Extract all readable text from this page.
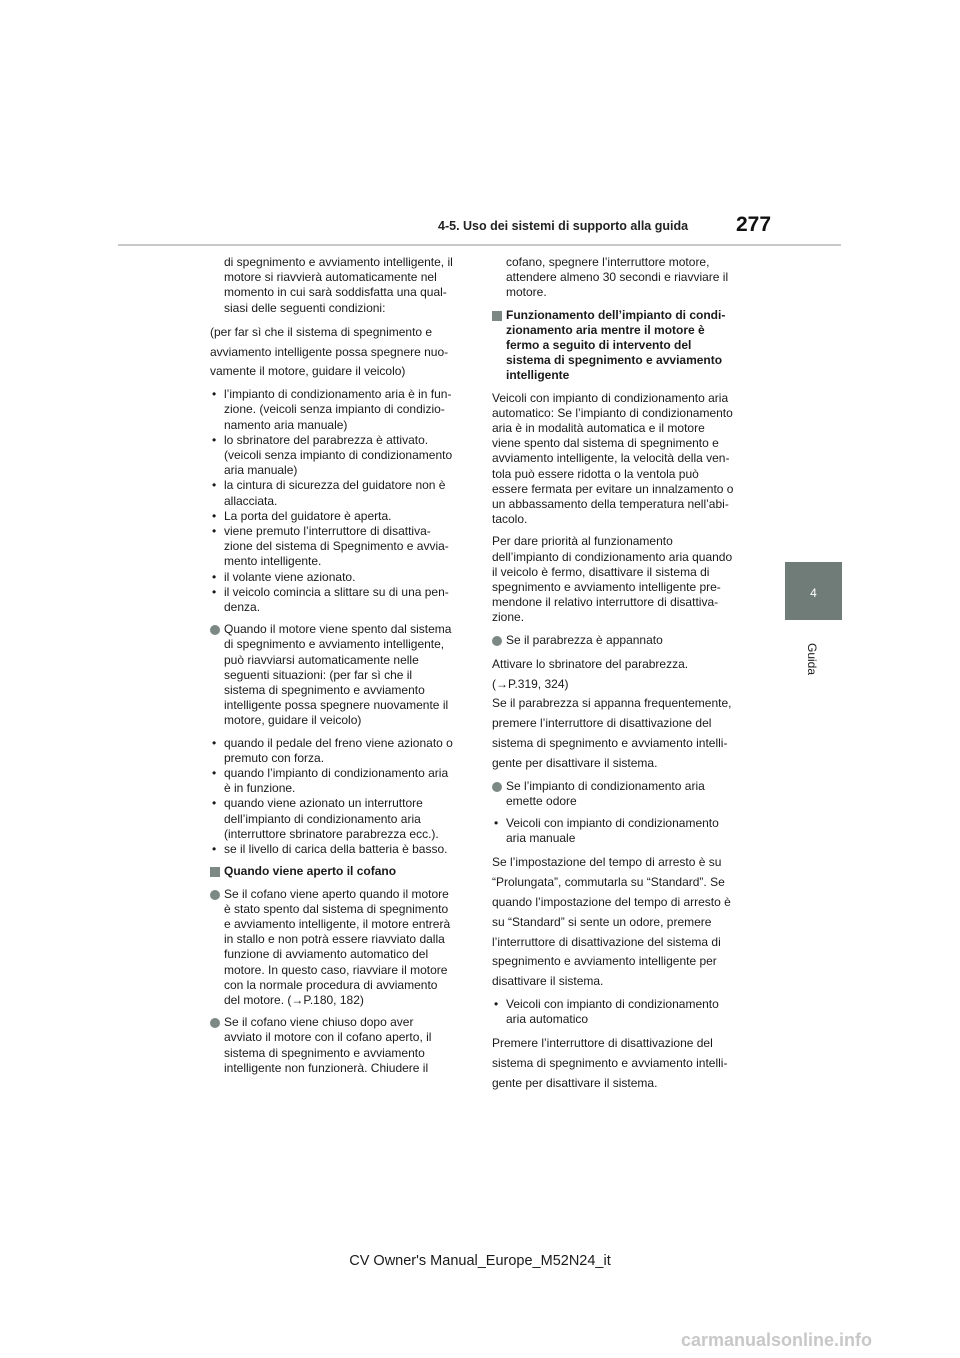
4-5. Uso dei sistemi di supporto alla guida 277
4
Guida
di spegnimento e avviamento intelligente, il
motore si riavvierà automaticamente nel
momento in cui sarà soddisfatta una qual-
siasi delle seguenti condizioni:
(per far sì che il sistema di spegnimento e
avviamento intelligente possa spegnere nuo-
vamente il motore, guidare il veicolo)
• l’impianto di condizionamento aria è in fun-
zione. (veicoli senza impianto di condizio-
namento aria manuale)
• lo sbrinatore del parabrezza è attivato.
(veicoli senza impianto di condizionamento
aria manuale)
• la cintura di sicurezza del guidatore non è
allacciata.
• La porta del guidatore è aperta.
• viene premuto l’interruttore di disattiva-
zione del sistema di Spegnimento e avvia-
mento intelligente.
• il volante viene azionato.
• il veicolo comincia a slittare su di una pen-
denza.
Quando il motore viene spento dal sistema
di spegnimento e avviamento intelligente,
può riavviarsi automaticamente nelle
seguenti situazioni: (per far sì che il
sistema di spegnimento e avviamento
intelligente possa spegnere nuovamente il
motore, guidare il veicolo)
• quando il pedale del freno viene azionato o
premuto con forza.
• quando l’impianto di condizionamento aria
è in funzione.
• quando viene azionato un interruttore
dell’impianto di condizionamento aria
(interruttore sbrinatore parabrezza ecc.).
• se il livello di carica della batteria è basso.
Quando viene aperto il cofano
Se il cofano viene aperto quando il motore
è stato spento dal sistema di spegnimento
e avviamento intelligente, il motore entrerà
in stallo e non potrà essere riavviato dalla
funzione di avviamento automatico del
motore. In questo caso, riavviare il motore
con la normale procedura di avviamento
del motore. (→P.180, 182)
Se il cofano viene chiuso dopo aver
avviato il motore con il cofano aperto, il
sistema di spegnimento e avviamento
intelligente non funzionerà. Chiudere il
cofano, spegnere l’interruttore motore,
attendere almeno 30 secondi e riavviare il
motore.
Funzionamento dell’impianto di condi-
zionamento aria mentre il motore è
fermo a seguito di intervento del
sistema di spegnimento e avviamento
intelligente
Veicoli con impianto di condizionamento aria
automatico: Se l’impianto di condizionamento
aria è in modalità automatica e il motore
viene spento dal sistema di spegnimento e
avviamento intelligente, la velocità della ven-
tola può essere ridotta o la ventola può
essere fermata per evitare un innalzamento o
un abbassamento della temperatura nell’abi-
tacolo.
Per dare priorità al funzionamento
dell’impianto di condizionamento aria quando
il veicolo è fermo, disattivare il sistema di
spegnimento e avviamento intelligente pre-
mendone il relativo interruttore di disattiva-
zione.
Se il parabrezza è appannato
Attivare lo sbrinatore del parabrezza.
(→P.319, 324)
Se il parabrezza si appanna frequentemente,
premere l’interruttore di disattivazione del
sistema di spegnimento e avviamento intelli-
gente per disattivare il sistema.
Se l’impianto di condizionamento aria
emette odore
• Veicoli con impianto di condizionamento
aria manuale
Se l’impostazione del tempo di arresto è su
“Prolungata”, commutarla su “Standard”. Se
quando l’impostazione del tempo di arresto è
su “Standard” si sente un odore, premere
l’interruttore di disattivazione del sistema di
spegnimento e avviamento intelligente per
disattivare il sistema.
• Veicoli con impianto di condizionamento
aria automatico
Premere l’interruttore di disattivazione del
sistema di spegnimento e avviamento intelli-
gente per disattivare il sistema.
CV Owner's Manual_Europe_M52N24_it
carmanualsonline.info
